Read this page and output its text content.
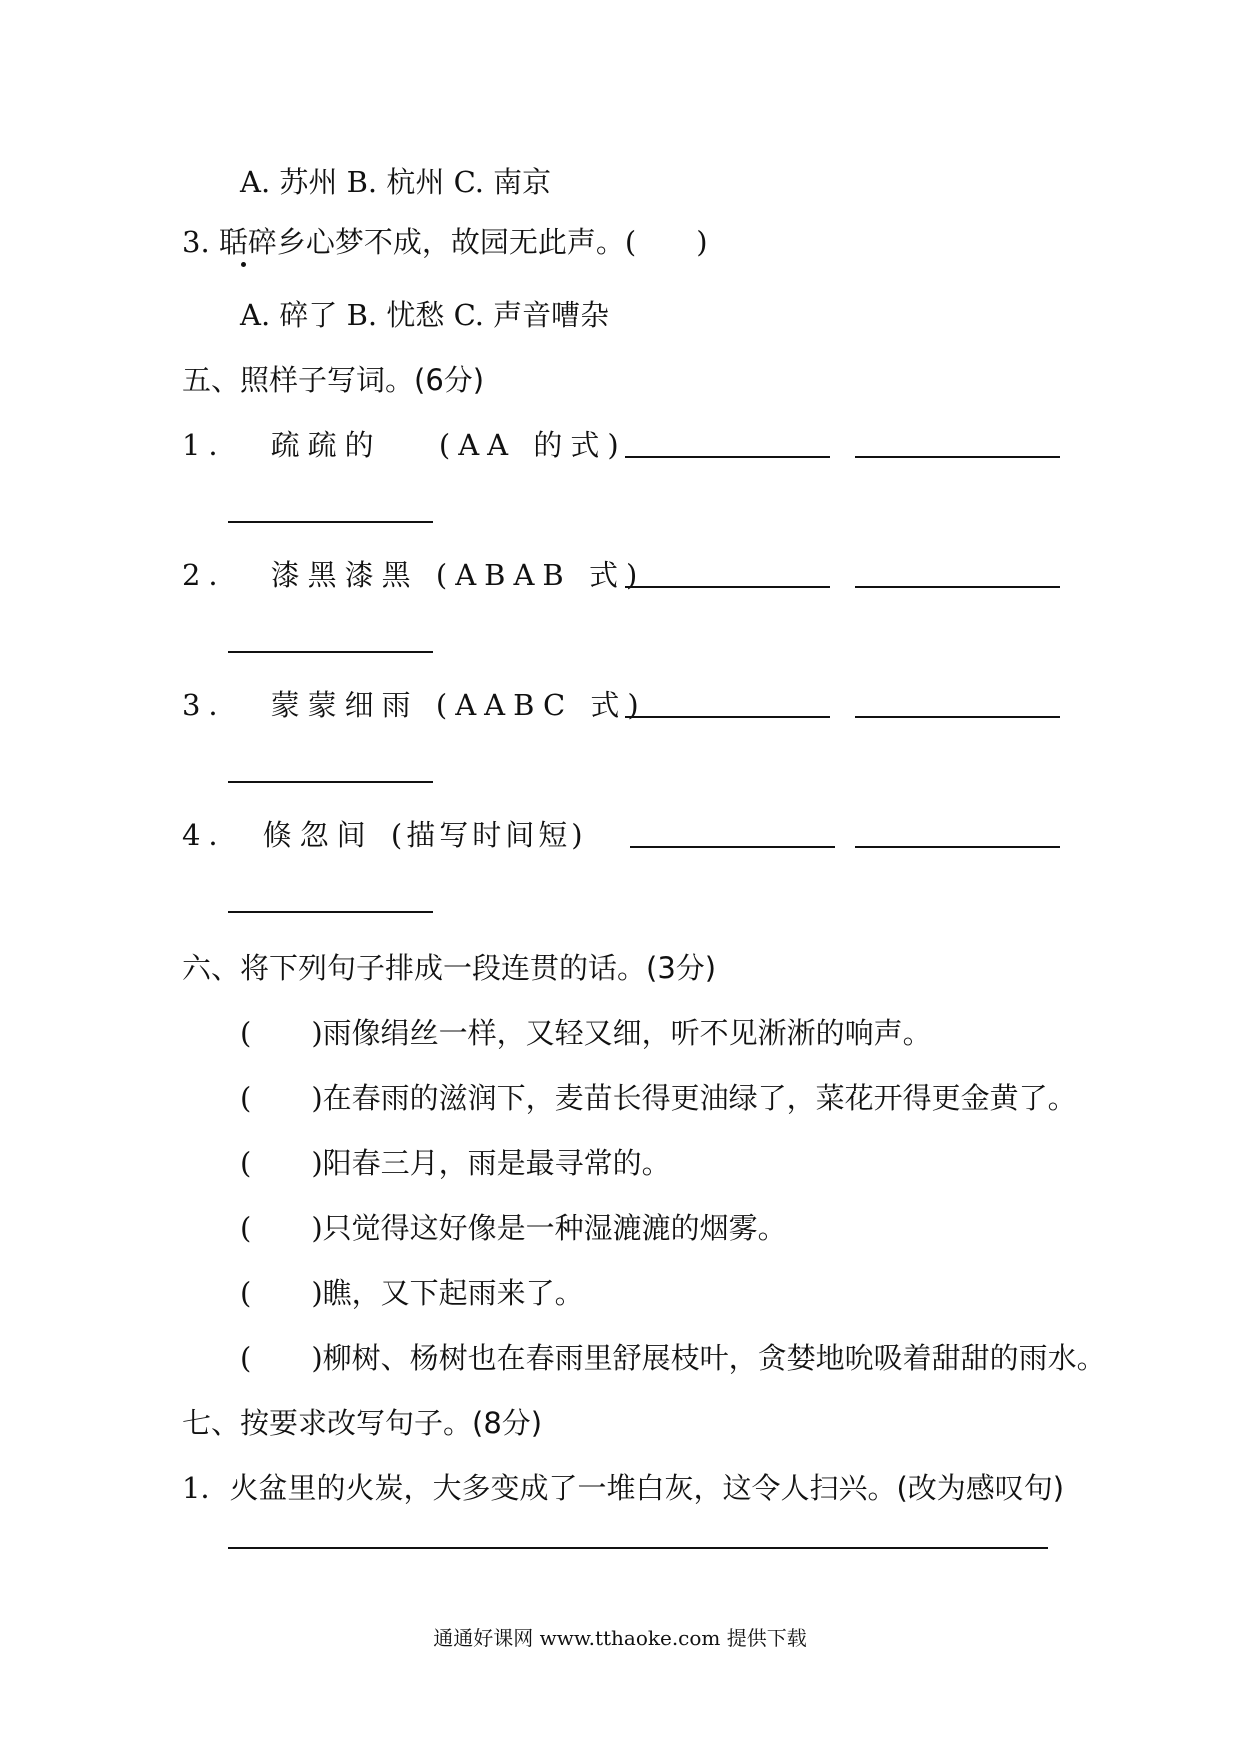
A. 苏州 B. 杭州 C. 南京
3. 聒碎乡心梦不成，故园无此声。( )
A. 碎了 B. 忧愁 C. 声音嘈杂
五、照样子写词。(6分)
1． 疏疏的 (AA 的式)
2． 漆黑漆黑 (ABAB 式)
3． 蒙蒙细雨 (AABC 式)
4． 倏忽间 (描写时间短)
六、将下列句子排成一段连贯的话。(3分)
( )雨像绢丝一样，又轻又细，听不见淅淅的响声。
( )在春雨的滋润下，麦苗长得更油绿了，菜花开得更金黄了。
( )阳春三月，雨是最寻常的。
( )只觉得这好像是一种湿漉漉的烟雾。
( )瞧，又下起雨来了。
( )柳树、杨树也在春雨里舒展枝叶，贪婪地吮吸着甜甜的雨水。
七、按要求改写句子。(8分)
1．火盆里的火炭，大多变成了一堆白灰，这令人扫兴。(改为感叹句)
通通好课网 www.tthaoke.com 提供下载
